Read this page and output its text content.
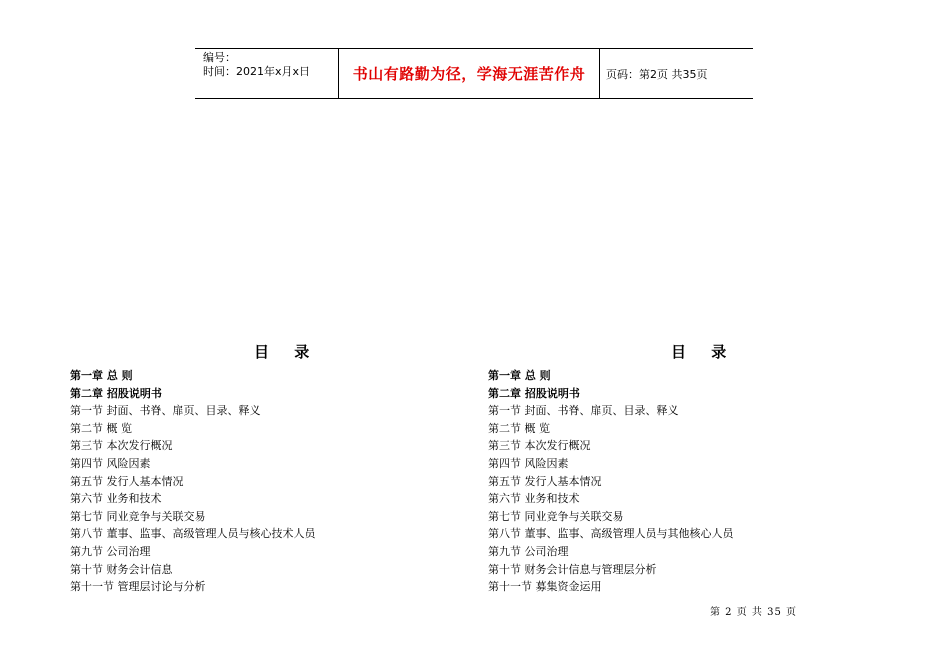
编号：
时间：2021年x月x日	书山有路勤为径，学海无涯苦作舟	页码：第2页 共35页
目 录
第一章 总 则
第二章 招股说明书
第一节 封面、书脊、扉页、目录、释义
第二节 概 览
第三节 本次发行概况
第四节 风险因素
第五节 发行人基本情况
第六节 业务和技术
第七节 同业竞争与关联交易
第八节 董事、监事、高级管理人员与核心技术人员
第九节 公司治理
第十节 财务会计信息
第十一节 管理层讨论与分析
目 录
第一章 总 则
第二章 招股说明书
第一节 封面、书脊、扉页、目录、释义
第二节 概 览
第三节 本次发行概况
第四节 风险因素
第五节 发行人基本情况
第六节 业务和技术
第七节 同业竞争与关联交易
第八节 董事、监事、高级管理人员与其他核心人员
第九节 公司治理
第十节 财务会计信息与管理层分析
第十一节 募集资金运用
第 2 页 共 35 页
